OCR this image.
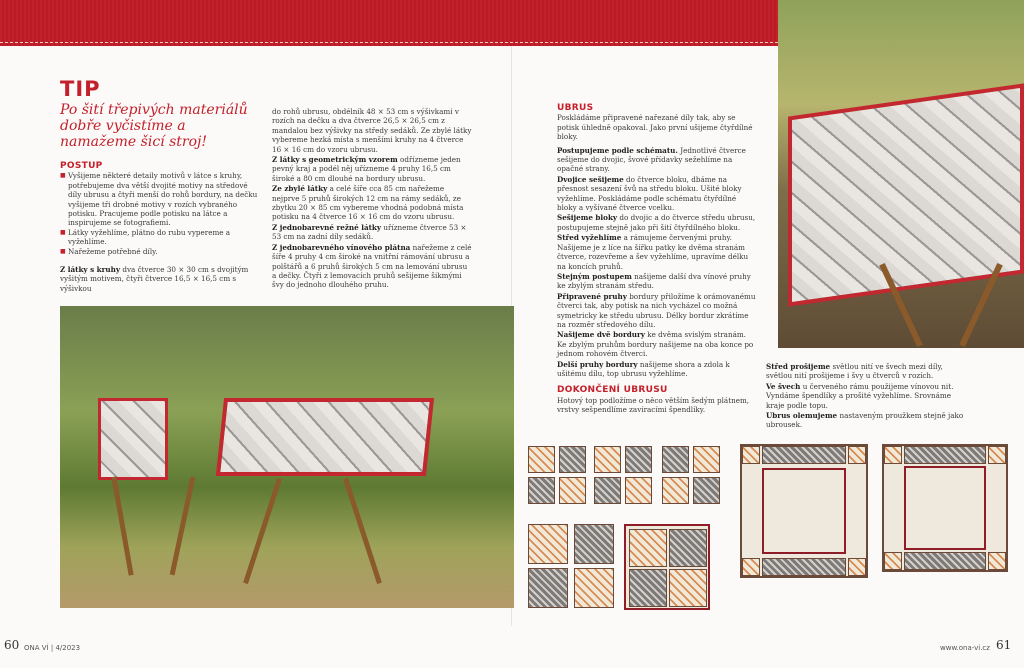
TIP
Po šití třepivých materiálů dobře vyčistíme a namažeme šicí stroj!
POSTUP
■ Vyšijeme některé detaily motivů v látce s kruhy, potřebujeme dva větší dvojité motivy na středové díly ubrusu a čtyři menší do rohů bordury, na dečku vyšijeme tři drobné motivy v rozích vybraného potisku. Pracujeme podle potisku na látce a inspirujeme se fotografiemi.
■ Látky vyžehlíme, plátno do rubu vypereme a vyžehlíme.
■ Nařežeme potřebné díly.

Z látky s kruhy dva čtverce 30 × 30 cm s dvojitým vyšitým motivem, čtyři čtverce 16,5 × 16,5 cm s výšivkou

do rohů ubrusu, obdélník 48 × 53 cm s výšivkami v rozích na dečku a dva čtverce 26,5 × 26,5 cm z mandalou bez výšivky na středy sedáků. Ze zbylé látky vybereme hezká místa s menšími kruhy na 4 čtverce 16 × 16 cm do vzoru ubrusu.

Z látky s geometrickým vzorem odřízneme jeden pevný kraj a podél něj uřízneme 4 pruhy 16,5 cm široké a 80 cm dlouhé na bordury ubrusu.

Ze zbylé látky a celé šíře cca 85 cm nařežeme nejprve 5 pruhů širokých 12 cm na rámy sedáků, ze zbytku 20 × 85 cm vybereme vhodná podobná místa potisku na 4 čtverce 16 × 16 cm do vzoru ubrusu.

Z jednobarevné režné látky uřízneme čtverce 53 × 53 cm na zadní díly sedáků.

Z jednobarevného vínového plátna nařežeme z celé šíře 4 pruhy 4 cm široké na vnitřní rámování ubrusu a polštářů a 6 pruhů širokých 5 cm na lemování ubrusu a dečky. Čtyři z lemovacích pruhů sešijeme šikmými švy do jednoho dlouhého pruhu.

UBRUS

Poskládáme připravené nařezané díly tak, aby se potisk úhledně opakoval. Jako první ušijeme čtyřdílné bloky.

Postupujeme podle schématu. Jednotlivé čtverce sešijeme do dvojic, švové přídavky sežehlíme na opačné strany.

Dvojice sešijeme do čtverce bloku, dbáme na přesnost sesazení švů na středu bloku. Ušité bloky vyžehlíme. Poskládáme podle schématu čtyřdílné bloky a vyšívané čtverce vcelku.

Sešijeme bloky do dvojic a do čtverce středu ubrusu, postupujeme stejně jako při šití čtyřdílného bloku.

Střed vyžehlíme a rámujeme červenými pruhy. Našijeme je z líce na šířku patky ke dvěma stranám čtverce, rozevřeme a šev vyžehlíme, upravíme délku na koncích pruhů.

Stejným postupem našijeme další dva vínové pruhy ke zbylým stranám středu.

Připravené pruhy bordury přiložíme k orámovanému čtverci tak, aby potisk na nich vycházel co možná symetricky ke středu ubrusu. Délky bordur zkrátíme na rozměr středového dílu.

Našijeme dvě bordury ke dvěma svislým stranám. Ke zbylým pruhům bordury našijeme na oba konce po jednom rohovém čtverci.

Delší pruhy bordury našijeme shora a zdola k ušitému dílu, top ubrusu vyžehlíme.

DOKONČENÍ UBRUSU

Hotový top podložíme o něco větším šedým plátnem, vrstvy sešpendlíme zavíracími špendlíky.

Střed prošijeme světlou nití ve švech mezi díly, světlou nití prošijeme i švy u čtverců v rozích.

Ve švech u červeného rámu použijeme vínovou nit. Vyndáme špendlíky a prošité vyžehlíme. Srovnáme kraje podle topu.

Ubrus olemujeme nastaveným proužkem stejně jako ubrousek.

60 ONA VÍ | 4/2023	www.ona-vi.cz 61
